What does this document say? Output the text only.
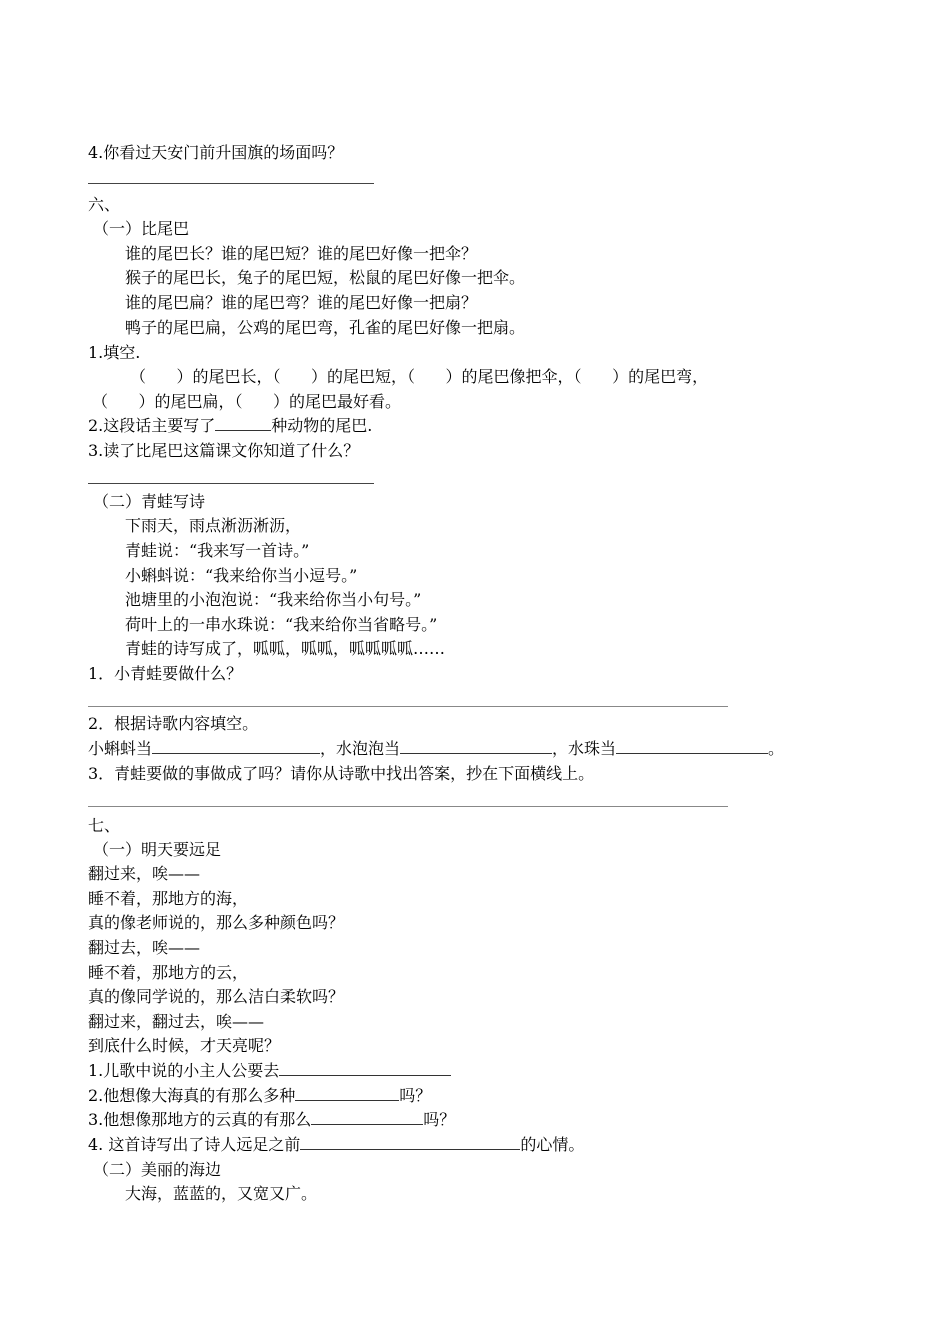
4.你看过天安门前升国旗的场面吗？
六、
（一）比尾巴
谁的尾巴长？谁的尾巴短？谁的尾巴好像一把伞？
猴子的尾巴长，兔子的尾巴短，松鼠的尾巴好像一把伞。
谁的尾巴扁？谁的尾巴弯？谁的尾巴好像一把扇？
鸭子的尾巴扁，公鸡的尾巴弯，孔雀的尾巴好像一把扇。
1.填空.
（      ）的尾巴长，（      ）的尾巴短，（      ）的尾巴像把伞，（      ）的尾巴弯，
（      ）的尾巴扁，（      ）的尾巴最好看。
2.这段话主要写了	种动物的尾巴.
3.读了比尾巴这篇课文你知道了什么？
（二）青蛙写诗
下雨天，雨点淅沥淅沥，
青蛙说：“我来写一首诗。”
小蝌蚪说：“我来给你当小逗号。”
池塘里的小泡泡说：“我来给你当小句号。”
荷叶上的一串水珠说：“我来给你当省略号。”
青蛙的诗写成了，呱呱，呱呱，呱呱呱呱……
1．小青蛙要做什么？
2．根据诗歌内容填空。
小蝌蚪当	，水泡泡当	，水珠当	。
3．青蛙要做的事做成了吗？请你从诗歌中找出答案，抄在下面横线上。
七、
（一）明天要远足
翻过来，唉——
睡不着，那地方的海，
真的像老师说的，那么多种颜色吗？
翻过去，唉——
睡不着，那地方的云，
真的像同学说的，那么洁白柔软吗？
翻过来，翻过去，唉——
到底什么时候，才天亮呢？
1.儿歌中说的小主人公要去
2.他想像大海真的有那么多种	吗？
3.他想像那地方的云真的有那么	吗？
4. 这首诗写出了诗人远足之前	的心情。
（二）美丽的海边
大海，蓝蓝的，又宽又广。
